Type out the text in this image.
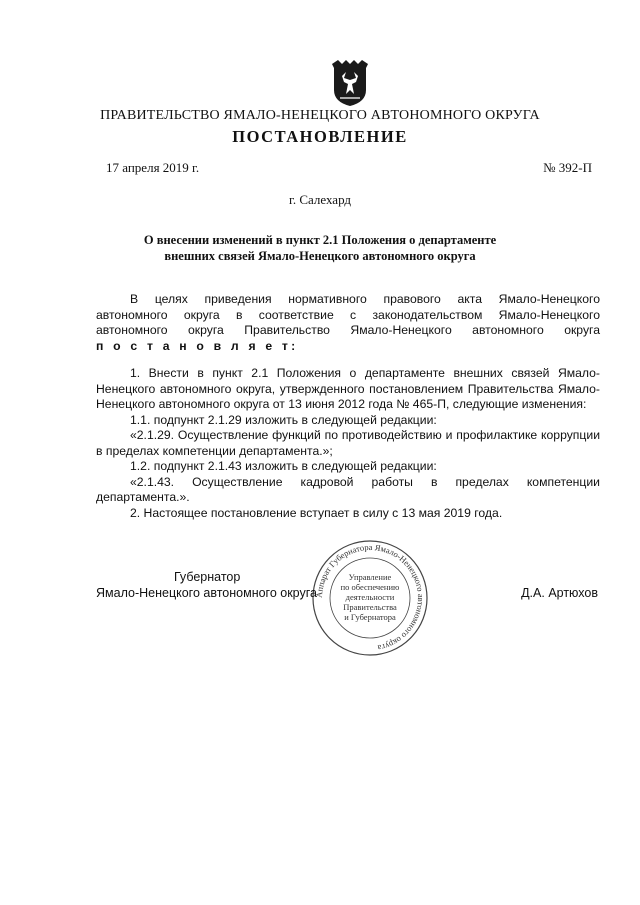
ПРАВИТЕЛЬСТВО ЯМАЛО-НЕНЕЦКОГО АВТОНОМНОГО ОКРУГА
ПОСТАНОВЛЕНИЕ
17 апреля 2019 г.	№ 392-П
г. Салехард
О внесении изменений в пункт 2.1 Положения о департаменте
внешних связей Ямало-Ненецкого автономного округа

В целях приведения нормативного правового акта Ямало-Ненецкого

автономного округа в соответствие с законодательством Ямало-Ненецкого

автономного округа Правительство Ямало-Ненецкого автономного округа

п о с т а н о в л я е т:

1. Внести в пункт 2.1 Положения о департаменте внешних связей Ямало-Ненецкого автономного округа, утвержденного постановлением Правительства Ямало-Ненецкого автономного округа от 13 июня 2012 года № 465-П, следующие изменения:

1.1. подпункт 2.1.29 изложить в следующей редакции:

«2.1.29. Осуществление функций по противодействию и профилактике коррупции в пределах компетенции департамента.»;

1.2. подпункт 2.1.43 изложить в следующей редакции:

«2.1.43. Осуществление кадровой работы в пределах компетенции департамента.».

2. Настоящее постановление вступает в силу с 13 мая 2019 года.

Аппарат Губернатора Ямало-Ненецкого автономного округа
Управление
по обеспечению
деятельности
Правительства
и Губернатора
Губернатор
Ямало-Ненецкого автономного округа	Д.А. Артюхов
